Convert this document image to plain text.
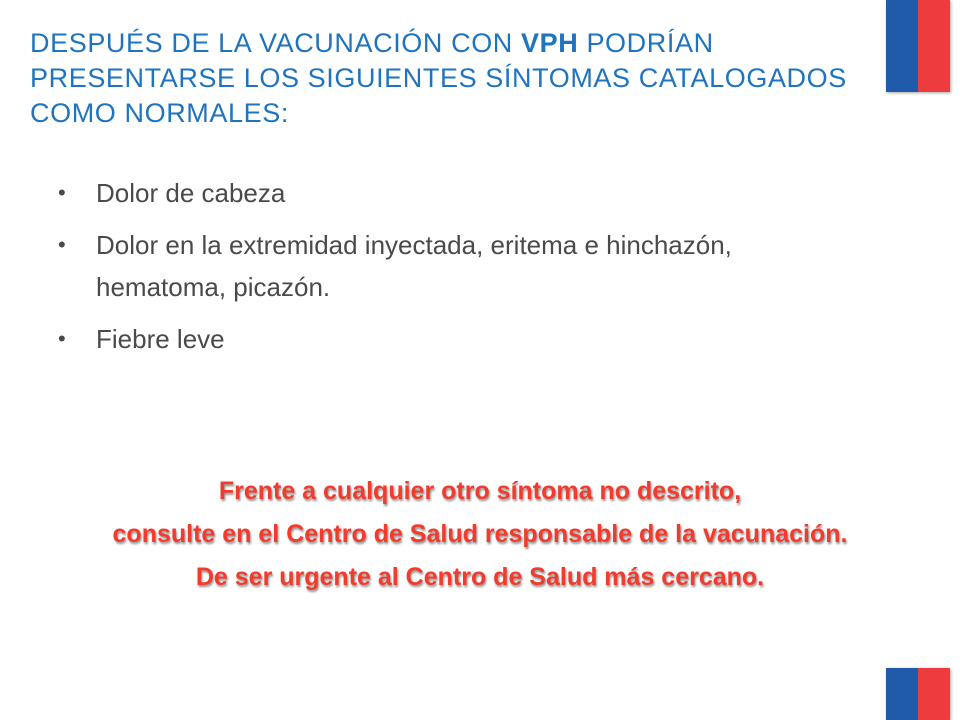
DESPUÉS DE LA VACUNACIÓN CON VPH PODRÍAN PRESENTARSE LOS SIGUIENTES SÍNTOMAS CATALOGADOS COMO NORMALES:
• Dolor de cabeza
• Dolor en la extremidad inyectada, eritema e hinchazón, hematoma, picazón.
• Fiebre leve
Frente a cualquier otro síntoma no descrito,
consulte en el Centro de Salud responsable de la vacunación.
De ser urgente al Centro de Salud más cercano.
